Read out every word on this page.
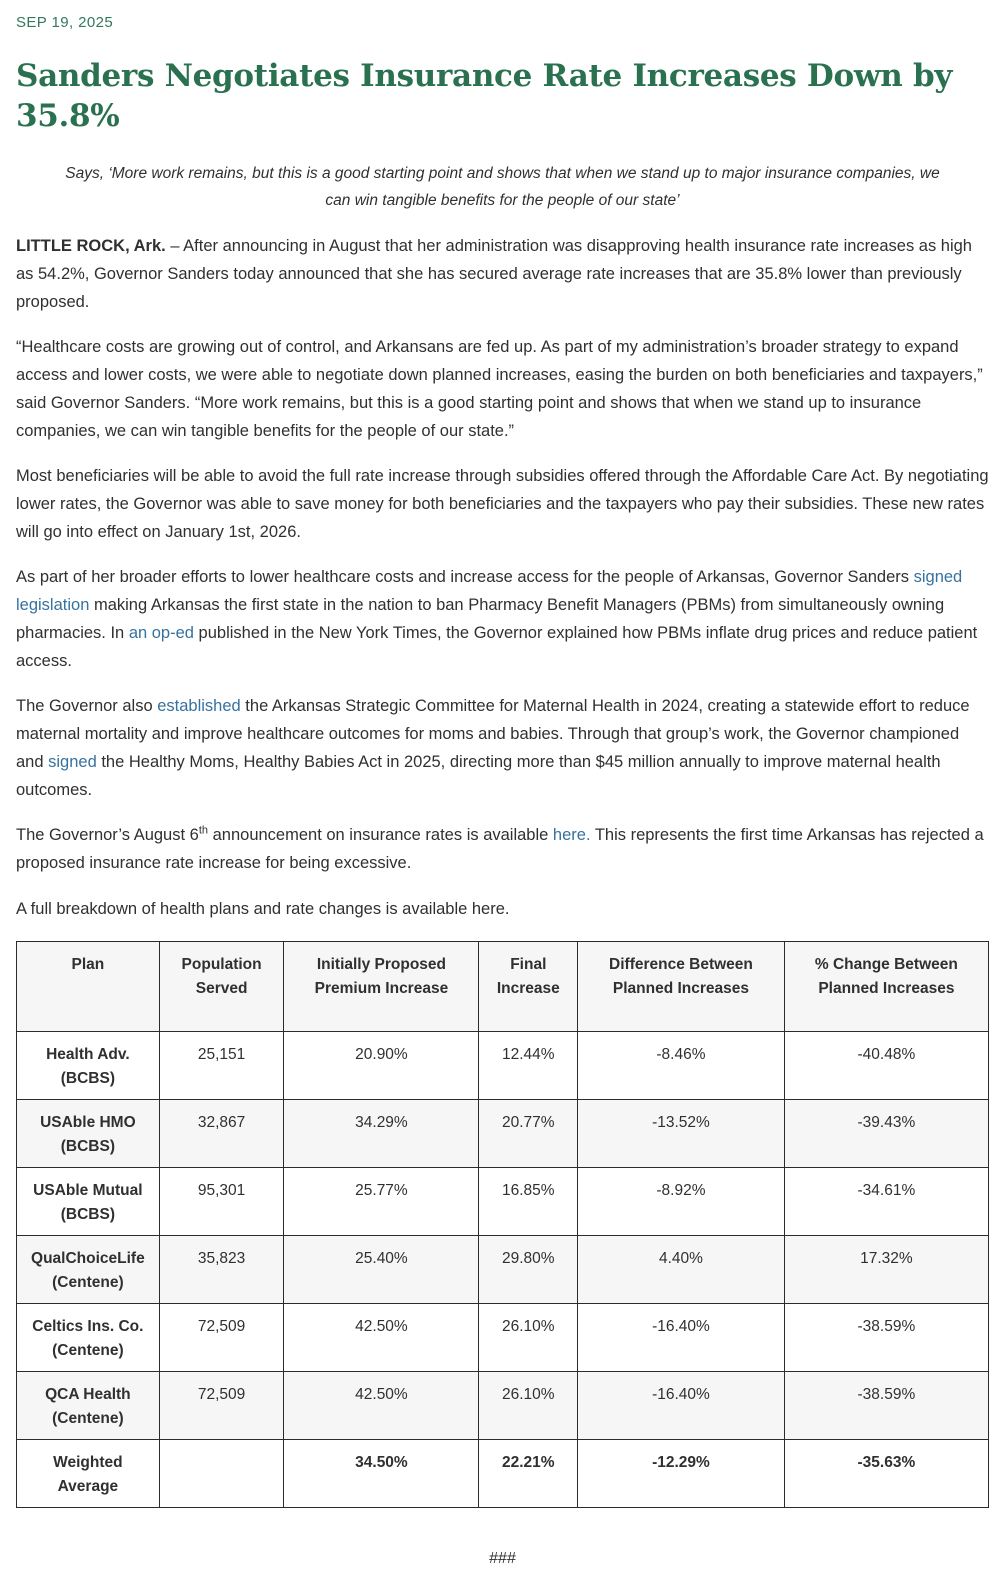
SEP 19, 2025
Sanders Negotiates Insurance Rate Increases Down by 35.8%
Says, ‘More work remains, but this is a good starting point and shows that when we stand up to major insurance companies, we can win tangible benefits for the people of our state’

LITTLE ROCK, Ark. – After announcing in August that her administration was disapproving health insurance rate increases as high as 54.2%, Governor Sanders today announced that she has secured average rate increases that are 35.8% lower than previously proposed.

“Healthcare costs are growing out of control, and Arkansans are fed up. As part of my administration’s broader strategy to expand access and lower costs, we were able to negotiate down planned increases, easing the burden on both beneficiaries and taxpayers,” said Governor Sanders. “More work remains, but this is a good starting point and shows that when we stand up to insurance companies, we can win tangible benefits for the people of our state.”

Most beneficiaries will be able to avoid the full rate increase through subsidies offered through the Affordable Care Act. By negotiating lower rates, the Governor was able to save money for both beneficiaries and the taxpayers who pay their subsidies. These new rates will go into effect on January 1st, 2026.

As part of her broader efforts to lower healthcare costs and increase access for the people of Arkansas, Governor Sanders signed legislation making Arkansas the first state in the nation to ban Pharmacy Benefit Managers (PBMs) from simultaneously owning pharmacies. In an op-ed published in the New York Times, the Governor explained how PBMs inflate drug prices and reduce patient access.

The Governor also established the Arkansas Strategic Committee for Maternal Health in 2024, creating a statewide effort to reduce maternal mortality and improve healthcare outcomes for moms and babies. Through that group’s work, the Governor championed and signed the Healthy Moms, Healthy Babies Act in 2025, directing more than $45 million annually to improve maternal health outcomes.

The Governor’s August 6th announcement on insurance rates is available here. This represents the first time Arkansas has rejected a proposed insurance rate increase for being excessive.

A full breakdown of health plans and rate changes is available here.

Plan	Population Served	Initially Proposed Premium Increase	Final Increase	Difference Between Planned Increases	% Change Between Planned Increases

Health Adv. (BCBS)	25,151	20.90%	12.44%	-8.46%	-40.48%

USAble HMO
(BCBS)	32,867	34.29%	20.77%	-13.52%	-39.43%

USAble Mutual
(BCBS)	95,301	25.77%	16.85%	-8.92%	-34.61%

QualChoiceLife
(Centene)	35,823	25.40%	29.80%	4.40%	17.32%

Celtics Ins. Co.
(Centene)	72,509	42.50%	26.10%	-16.40%	-38.59%

QCA Health
(Centene)	72,509	42.50%	26.10%	-16.40%	-38.59%

Weighted Average		34.50%	22.21%	-12.29%	-35.63%
###
